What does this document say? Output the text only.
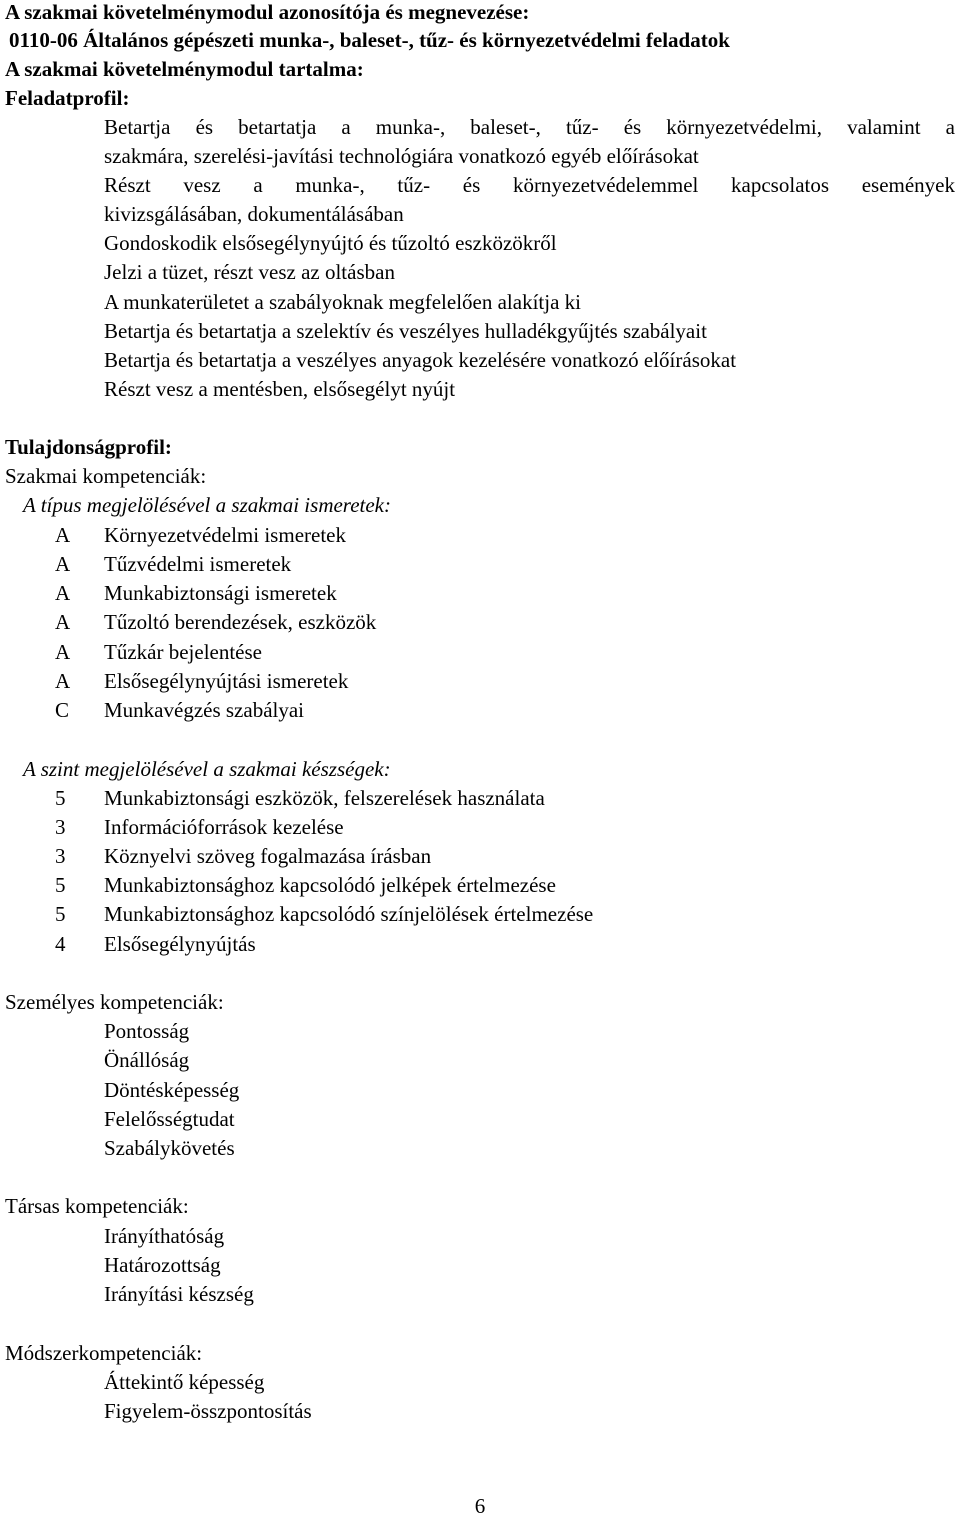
A szakmai követelménymodul azonosítója és megnevezése:
0110-06 Általános gépészeti munka-, baleset-, tűz- és környezetvédelmi feladatok
A szakmai követelménymodul tartalma:
Feladatprofil:
Betartja és betartatja a munka-, baleset-, tűz- és környezetvédelmi, valamint a
szakmára, szerelési-javítási technológiára vonatkozó egyéb előírásokat
Részt vesz a munka-, tűz- és környezetvédelemmel kapcsolatos események
kivizsgálásában, dokumentálásában
Gondoskodik elsősegélynyújtó és tűzoltó eszközökről
Jelzi a tüzet, részt vesz az oltásban
A munkaterületet a szabályoknak megfelelően alakítja ki
Betartja és betartatja a szelektív és veszélyes hulladékgyűjtés szabályait
Betartja és betartatja a veszélyes anyagok kezelésére vonatkozó előírásokat
Részt vesz a mentésben, elsősegélyt nyújt
Tulajdonságprofil:
Szakmai kompetenciák:
A típus megjelölésével a szakmai ismeretek:
A Környezetvédelmi ismeretek
A Tűzvédelmi ismeretek
A Munkabiztonsági ismeretek
A Tűzoltó berendezések, eszközök
A Tűzkár bejelentése
A Elsősegélynyújtási ismeretek
C Munkavégzés szabályai
A szint megjelölésével a szakmai készségek:
5 Munkabiztonsági eszközök, felszerelések használata
3 Információforrások kezelése
3 Köznyelvi szöveg fogalmazása írásban
5 Munkabiztonsághoz kapcsolódó jelképek értelmezése
5 Munkabiztonsághoz kapcsolódó színjelölések értelmezése
4 Elsősegélynyújtás
Személyes kompetenciák:
Pontosság
Önállóság
Döntésképesség
Felelősségtudat
Szabálykövetés
Társas kompetenciák:
Irányíthatóság
Határozottság
Irányítási készség
Módszerkompetenciák:
Áttekintő képesség
Figyelem-összpontosítás
6
